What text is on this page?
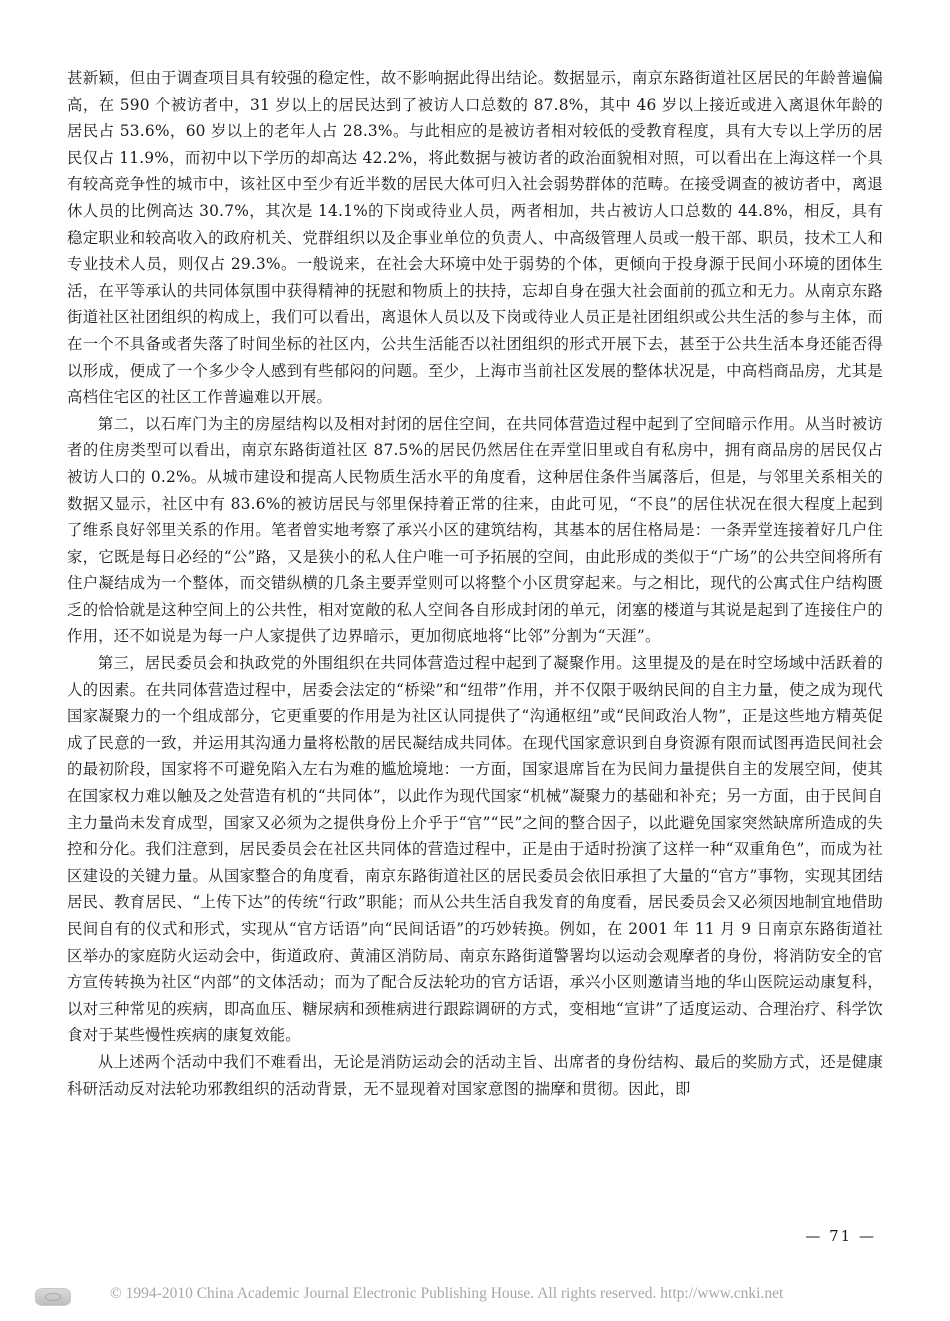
甚新颖，但由于调查项目具有较强的稳定性，故不影响据此得出结论。数据显示，南京东路街道社区居民的年龄普遍偏高，在 590 个被访者中，31 岁以上的居民达到了被访人口总数的 87.8%，其中 46 岁以上接近或进入离退休年龄的居民占 53.6%，60 岁以上的老年人占 28.3%。与此相应的是被访者相对较低的受教育程度，具有大专以上学历的居民仅占 11.9%，而初中以下学历的却高达 42.2%，将此数据与被访者的政治面貌相对照，可以看出在上海这样一个具有较高竞争性的城市中，该社区中至少有近半数的居民大体可归入社会弱势群体的范畴。在接受调查的被访者中，离退休人员的比例高达 30.7%，其次是 14.1%的下岗或待业人员，两者相加，共占被访人口总数的 44.8%，相反，具有稳定职业和较高收入的政府机关、党群组织以及企事业单位的负责人、中高级管理人员或一般干部、职员，技术工人和专业技术人员，则仅占 29.3%。一般说来，在社会大环境中处于弱势的个体，更倾向于投身源于民间小环境的团体生活，在平等承认的共同体氛围中获得精神的抚慰和物质上的扶持，忘却自身在强大社会面前的孤立和无力。从南京东路街道社区社团组织的构成上，我们可以看出，离退休人员以及下岗或待业人员正是社团组织或公共生活的参与主体，而在一个不具备或者失落了时间坐标的社区内，公共生活能否以社团组织的形式开展下去，甚至于公共生活本身还能否得以形成，便成了一个多少令人感到有些郁闷的问题。至少，上海市当前社区发展的整体状况是，中高档商品房，尤其是高档住宅区的社区工作普遍难以开展。

第二，以石库门为主的房屋结构以及相对封闭的居住空间，在共同体营造过程中起到了空间暗示作用。从当时被访者的住房类型可以看出，南京东路街道社区 87.5%的居民仍然居住在弄堂旧里或自有私房中，拥有商品房的居民仅占被访人口的 0.2%。从城市建设和提高人民物质生活水平的角度看，这种居住条件当属落后，但是，与邻里关系相关的数据又显示，社区中有 83.6%的被访居民与邻里保持着正常的往来，由此可见，“不良”的居住状况在很大程度上起到了维系良好邻里关系的作用。笔者曾实地考察了承兴小区的建筑结构，其基本的居住格局是：一条弄堂连接着好几户住家，它既是每日必经的“公”路，又是狭小的私人住户唯一可予拓展的空间，由此形成的类似于“广场”的公共空间将所有住户凝结成为一个整体，而交错纵横的几条主要弄堂则可以将整个小区贯穿起来。与之相比，现代的公寓式住户结构匮乏的恰恰就是这种空间上的公共性，相对宽敞的私人空间各自形成封闭的单元，闭塞的楼道与其说是起到了连接住户的作用，还不如说是为每一户人家提供了边界暗示，更加彻底地将“比邻”分割为“天涯”。

第三，居民委员会和执政党的外围组织在共同体营造过程中起到了凝聚作用。这里提及的是在时空场域中活跃着的人的因素。在共同体营造过程中，居委会法定的“桥梁”和“纽带”作用，并不仅限于吸纳民间的自主力量，使之成为现代国家凝聚力的一个组成部分，它更重要的作用是为社区认同提供了“沟通枢纽”或“民间政治人物”，正是这些地方精英促成了民意的一致，并运用其沟通力量将松散的居民凝结成共同体。在现代国家意识到自身资源有限而试图再造民间社会的最初阶段，国家将不可避免陷入左右为难的尴尬境地：一方面，国家退席旨在为民间力量提供自主的发展空间，使其在国家权力难以触及之处营造有机的“共同体”，以此作为现代国家“机械”凝聚力的基础和补充；另一方面，由于民间自主力量尚未发育成型，国家又必须为之提供身份上介乎于“官”“民”之间的整合因子，以此避免国家突然缺席所造成的失控和分化。我们注意到，居民委员会在社区共同体的营造过程中，正是由于适时扮演了这样一种“双重角色”，而成为社区建设的关键力量。从国家整合的角度看，南京东路街道社区的居民委员会依旧承担了大量的“官方”事物，实现其团结居民、教育居民、“上传下达”的传统“行政”职能；而从公共生活自我发育的角度看，居民委员会又必须因地制宜地借助民间自有的仪式和形式，实现从“官方话语”向“民间话语”的巧妙转换。例如，在 2001 年 11 月 9 日南京东路街道社区举办的家庭防火运动会中，街道政府、黄浦区消防局、南京东路街道警署均以运动会观摩者的身份，将消防安全的官方宣传转换为社区“内部”的文体活动；而为了配合反法轮功的官方话语，承兴小区则邀请当地的华山医院运动康复科，以对三种常见的疾病，即高血压、糖尿病和颈椎病进行跟踪调研的方式，变相地“宣讲”了适度运动、合理治疗、科学饮食对于某些慢性疾病的康复效能。

从上述两个活动中我们不难看出，无论是消防运动会的活动主旨、出席者的身份结构、最后的奖励方式，还是健康科研活动反对法轮功邪教组织的活动背景，无不显现着对国家意图的揣摩和贯彻。因此，即

— 71 —
© 1994-2010 China Academic Journal Electronic Publishing House. All rights reserved. http://www.cnki.net
